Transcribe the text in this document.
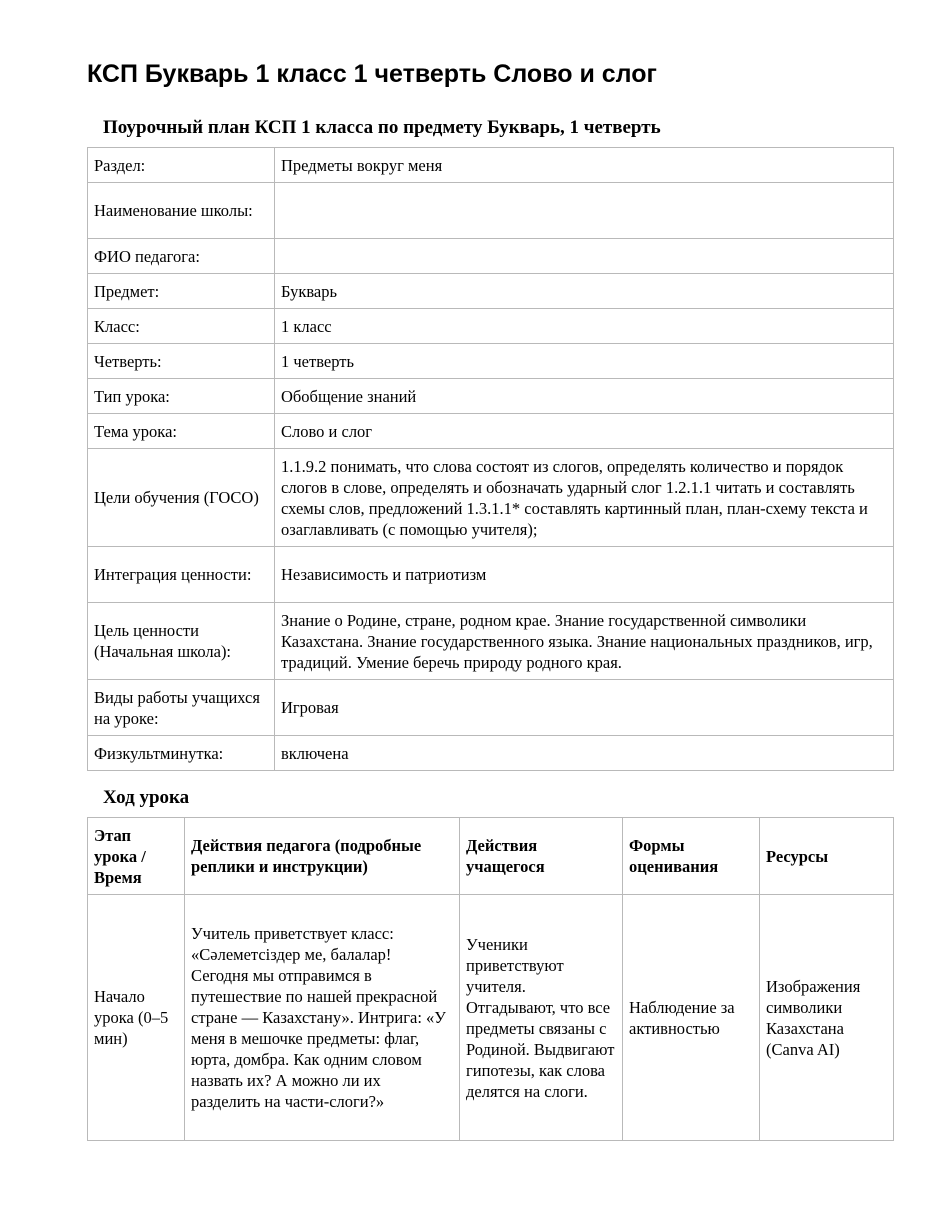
КСП Букварь 1 класс 1 четверть Слово и слог
Поурочный план КСП 1 класса по предмету Букварь, 1 четверть
Раздел:	Предметы вокруг меня
Наименование школы:	
ФИО педагога:	
Предмет:	Букварь
Класс:	1 класс
Четверть:	1 четверть
Тип урока:	Обобщение знаний
Тема урока:	Слово и слог
Цели обучения (ГОСО)	1.1.9.2 понимать, что слова состоят из слогов, определять количество и порядок слогов в слове, определять и обозначать ударный слог 1.2.1.1 читать и составлять схемы слов, предложений 1.3.1.1* составлять картинный план, план-схему текста и озаглавливать (с помощью учителя);
Интеграция ценности:	Независимость и патриотизм
Цель ценности (Начальная школа):	Знание о Родине, стране, родном крае. Знание государственной символики Казахстана. Знание государственного языка. Знание национальных праздников, игр, традиций. Умение беречь природу родного края.
Виды работы учащихся на уроке:	Игровая
Физкультминутка:	включена
Ход урока
Этап урока / Время	Действия педагога (подробные реплики и инструкции)	Действия учащегося	Формы оценивания	Ресурсы
Начало урока (0–5 мин)	Учитель приветствует класс: «Сәлеметсіздер ме, балалар! Сегодня мы отправимся в путешествие по нашей прекрасной стране — Казахстану». Интрига: «У меня в мешочке предметы: флаг, юрта, домбра. Как одним словом назвать их? А можно ли их разделить на части-слоги?»	Ученики приветствуют учителя. Отгадывают, что все предметы связаны с Родиной. Выдвигают гипотезы, как слова делятся на слоги.	Наблюдение за активностью	Изображения символики Казахстана (Canva AI)
